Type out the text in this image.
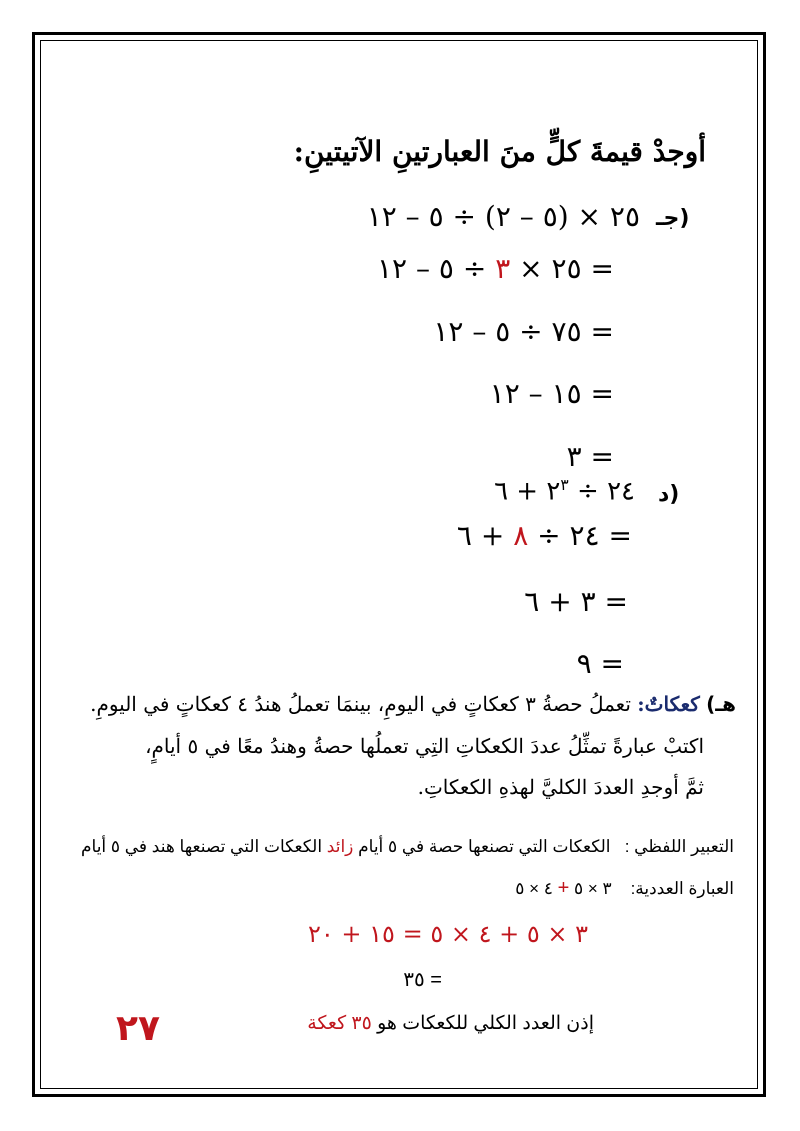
أوجدْ قيمةَ كلٍّ منَ العبارتينِ الآتيتينِ:
جـ)
٢٥ × (٥ – ٢) ÷ ٥ – ١٢
= ٢٥ × ٣ ÷ ٥ – ١٢
= ٧٥ ÷ ٥ – ١٢
= ١٥ – ١٢
= ٣
د)
٢٤ ÷ $٢^٣$ + ٦
= ٢٤ ÷ ٨ + ٦
= ٣ + ٦
= ٩
هـ) كعكاتٌ: تعملُ حصةُ ٣ كعكاتٍ في اليومِ، بينمَا تعملُ هندُ ٤ كعكاتٍ في اليومِ.
اكتبْ عبارةً تمثِّلُ عددَ الكعكاتِ التِي تعملُها حصةُ وهندُ معًا في ٥ أيامٍ،
ثمَّ أوجدِ العددَ الكليَّ لهذهِ الكعكاتِ.
التعبير اللفظي :   الكعكات التي تصنعها حصة في ٥ أيام زائد الكعكات التي تصنعها هند في ٥ أيام
العبارة العددية:    ٣ × ٥ + ٤ × ٥
٣ × ٥ + ٤ × ٥ = ١٥ + ٢٠
= ٣٥
إذن العدد الكلي للكعكات هو ٣٥ كعكة
٢٧
